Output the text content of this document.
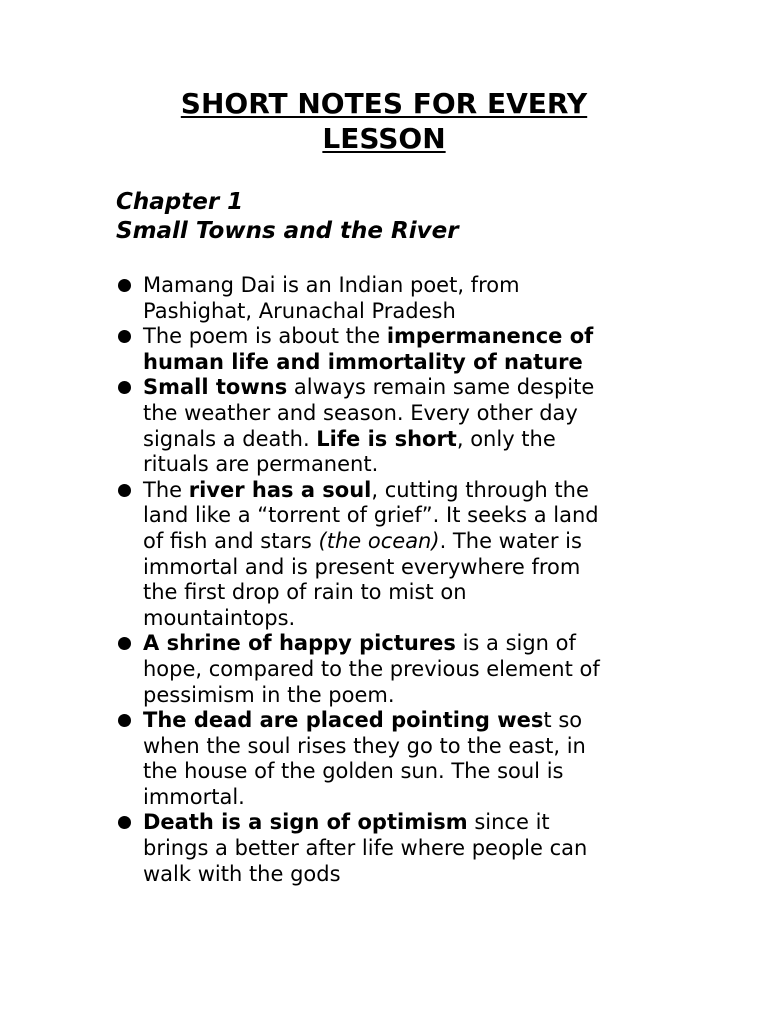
SHORT NOTES FOR EVERY
LESSON
Chapter 1
Small Towns and the River
Mamang Dai is an Indian poet, from
Pashighat, Arunachal Pradesh
The poem is about the impermanence of
human life and immortality of nature
Small towns always remain same despite
the weather and season. Every other day
signals a death. Life is short, only the
rituals are permanent.
The river has a soul, cutting through the
land like a “torrent of grief”. It seeks a land
of fish and stars (the ocean). The water is
immortal and is present everywhere from
the first drop of rain to mist on
mountaintops.
A shrine of happy pictures is a sign of
hope, compared to the previous element of
pessimism in the poem.
The dead are placed pointing west so
when the soul rises they go to the east, in
the house of the golden sun. The soul is
immortal.
Death is a sign of optimism since it
brings a better after life where people can
walk with the gods
